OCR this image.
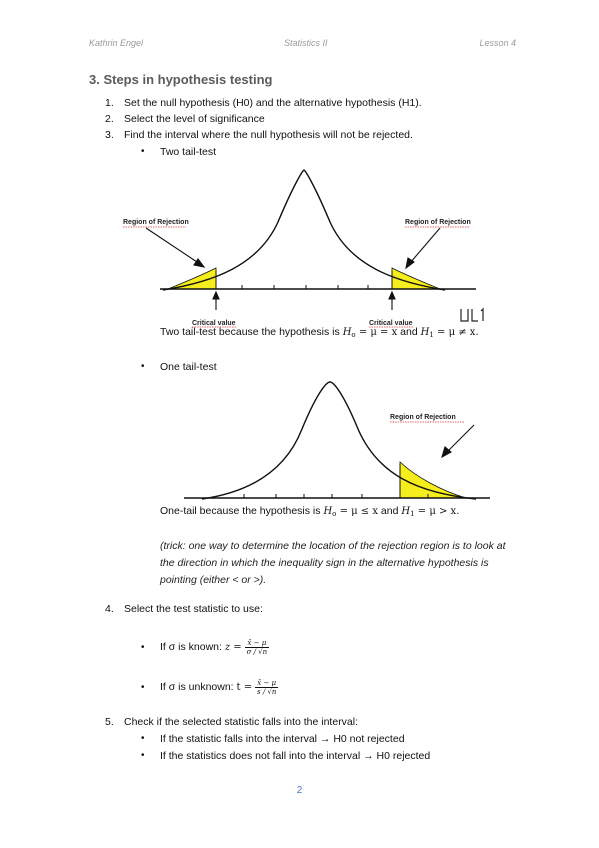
Kathrin Engel	Statistics II	Lesson 4
3. Steps in hypothesis testing
1. Set the null hypothesis (H0) and the alternative hypothesis (H1).
2. Select the level of significance
3. Find the interval where the null hypothesis will not be rejected.
• Two tail-test
Region of Rejection	Region of Rejection
Critical value	Critical value
Two tail-test because the hypothesis is $H_o = \mu = x$ and $H_1 = \mu \ne x$.
• One tail-test
Region of Rejection
One-tail because the hypothesis is $H_o = \mu \le x$ and $H_1 = \mu > x$.
(trick: one way to determine the location of the rejection region is to look at the direction in which the inequality sign in the alternative hypothesis is pointing (either < or >).
4. Select the test statistic to use:
• If σ is known: $z = \frac{x̄ - \mu}{\sigma / √n}$
• If σ is unknown: $t = \frac{x̄ - \mu}{s / √n}$
5. Check if the selected statistic falls into the interval:
• If the statistic falls into the interval → H0 not rejected
• If the statistics does not fall into the interval → H0 rejected
2
